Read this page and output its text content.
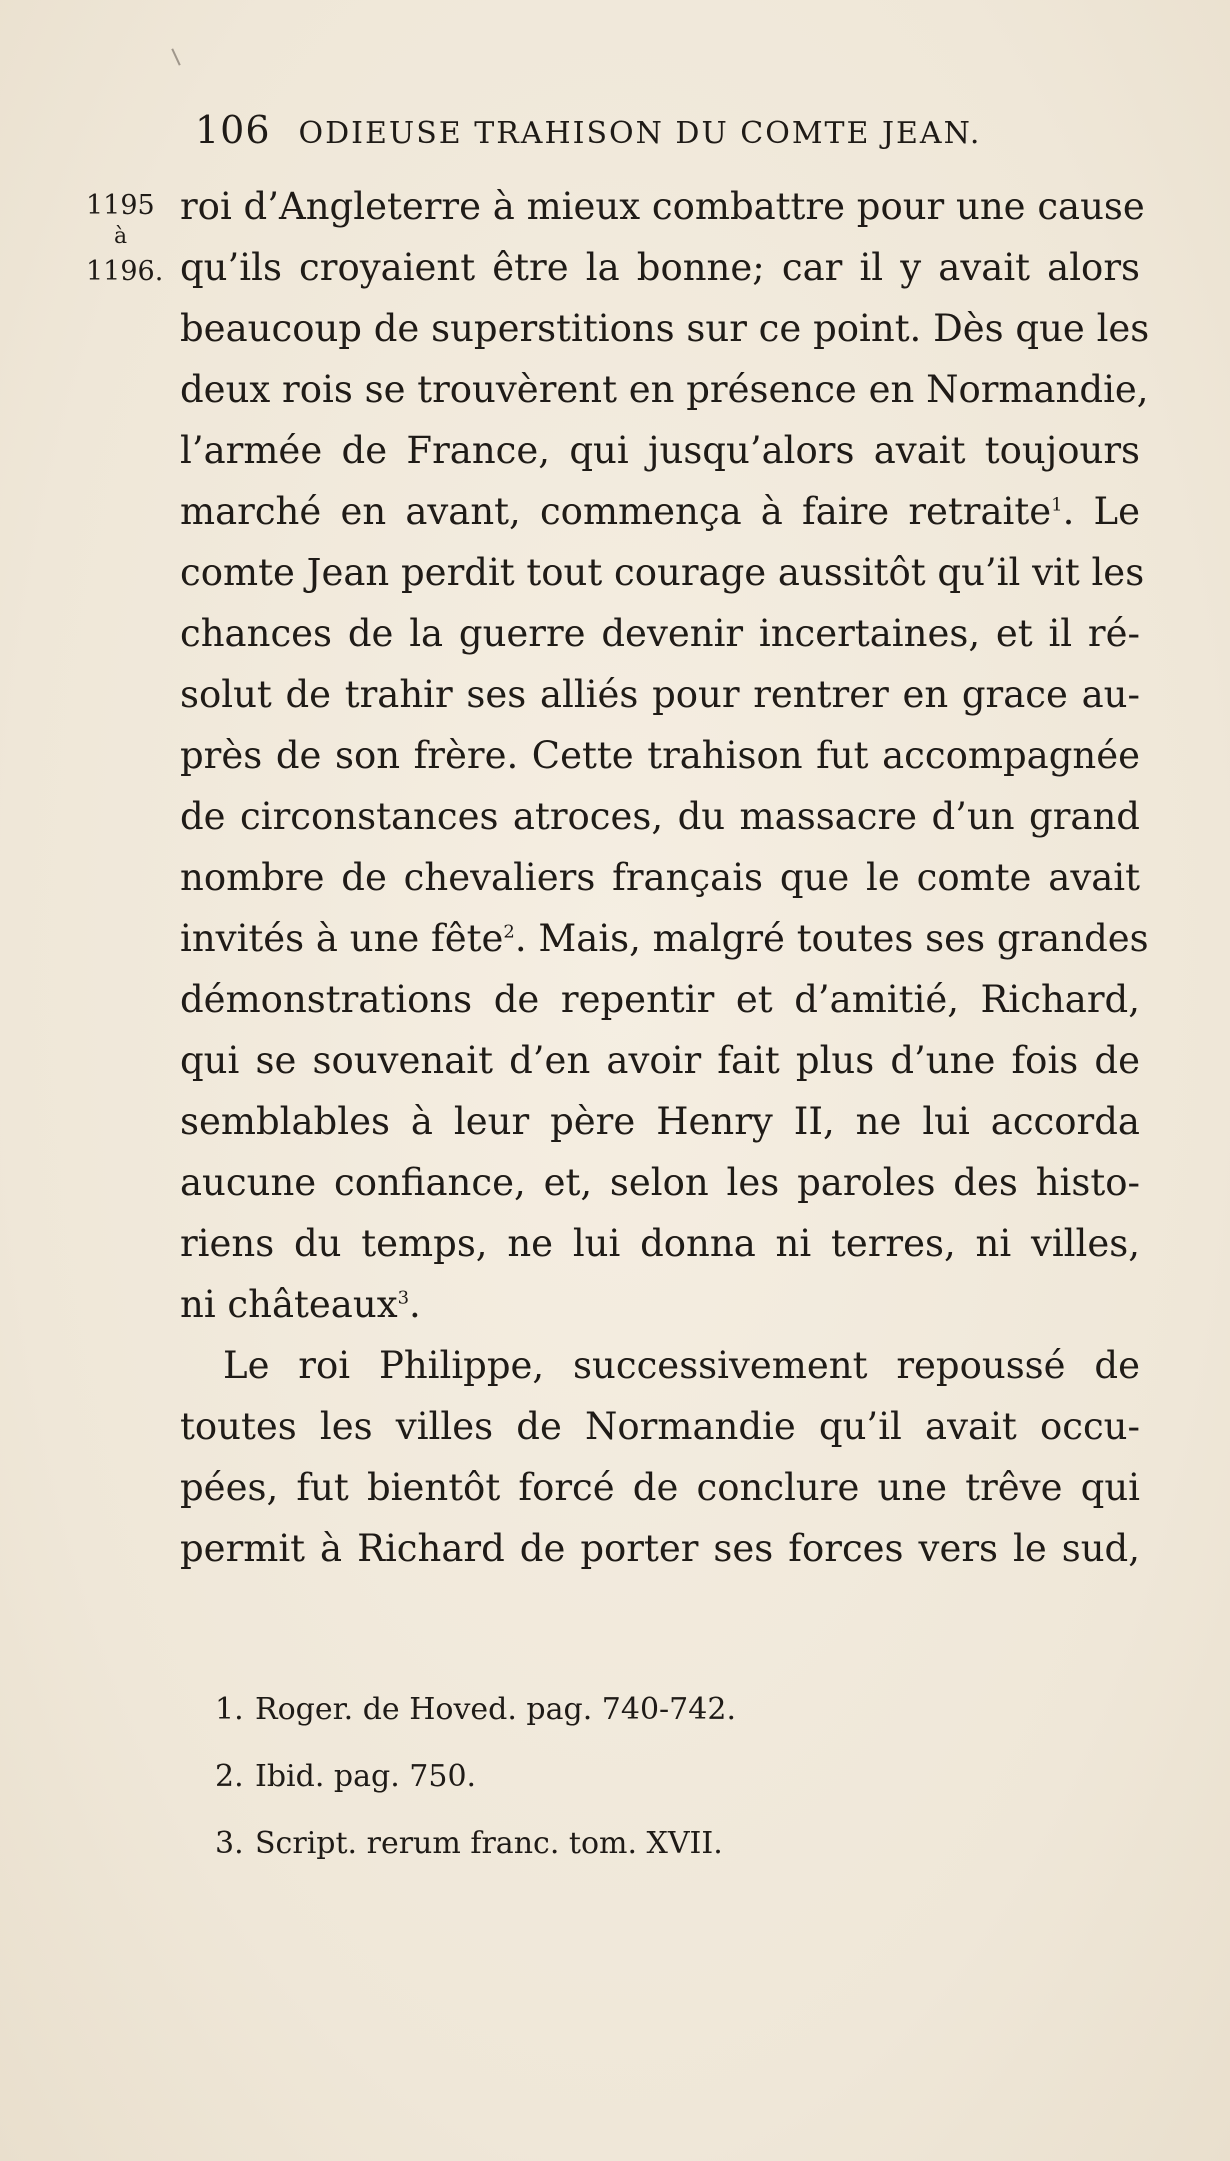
106 ODIEUSE TRAHISON DU COMTE JEAN.
1195
à
1196.
roi d’Angleterre à mieux combattre pour une cause
qu’ils croyaient être la bonne; car il y avait alors
beaucoup de superstitions sur ce point. Dès que les
deux rois se trouvèrent en présence en Normandie,
l’armée de France, qui jusqu’alors avait toujours
marché en avant, commença à faire retraite$^1$. Le
comte Jean perdit tout courage aussitôt qu’il vit les
chances de la guerre devenir incertaines, et il ré-
solut de trahir ses alliés pour rentrer en grace au-
près de son frère. Cette trahison fut accompagnée
de circonstances atroces, du massacre d’un grand
nombre de chevaliers français que le comte avait
invités à une fête$^2$. Mais, malgré toutes ses grandes
démonstrations de repentir et d’amitié, Richard,
qui se souvenait d’en avoir fait plus d’une fois de
semblables à leur père Henry II, ne lui accorda
aucune confiance, et, selon les paroles des histo-
riens du temps, ne lui donna ni terres, ni villes,
ni châteaux$^3$.
Le roi Philippe, successivement repoussé de
toutes les villes de Normandie qu’il avait occu-
pées, fut bientôt forcé de conclure une trêve qui
permit à Richard de porter ses forces vers le sud,
1. Roger. de Hoved. pag. 740-742.
2. Ibid. pag. 750.
3. Script. rerum franc. tom. XVII.
